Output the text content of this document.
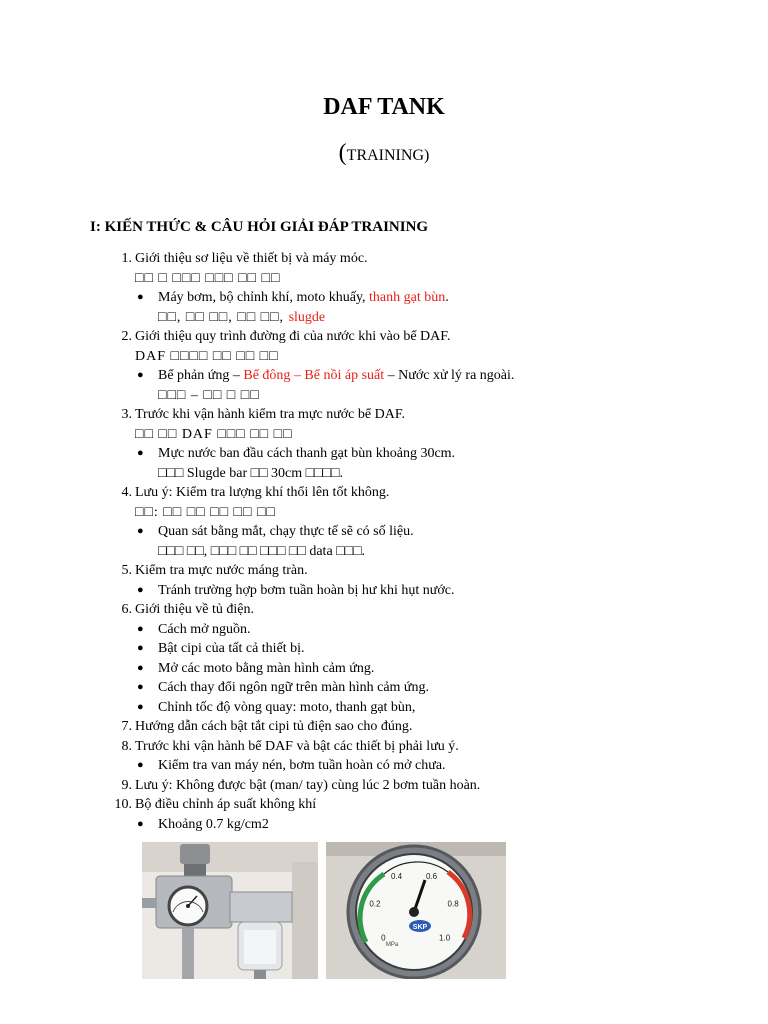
DAF TANK
(TRAINING)
I: KIẾN THỨC & CÂU HỎI GIẢI ĐÁP TRAINING
1. Giới thiệu sơ liệu về thiết bị và máy móc.
□□ □ □□□ □□□ □□ □□
● Máy bơm, bộ chỉnh khí, moto khuấy, thanh gạt bùn.
□□, □□ □□, □□ □□, slugde
2. Giới thiệu quy trình đường đi của nước khi vào bể DAF.
DAF □□□□ □□ □□ □□
● Bể phản ứng – Bể đông – Bể nồi áp suất – Nước xử lý ra ngoài.
□□□ – □□ □ □□
3. Trước khi vận hành kiểm tra mực nước bể DAF.
□□ □□ DAF □□□ □□ □□
● Mực nước ban đầu cách thanh gạt bùn khoảng 30cm.
□□□ Slugde bar □□ 30cm □□□□.
4. Lưu ý: Kiểm tra lượng khí thổi lên tốt không.
□□: □□ □□ □□ □□ □□
● Quan sát bằng mắt, chạy thực tế sẽ có số liệu.
□□□ □□, □□□ □□ □□□ □□ data □□□.
5. Kiểm tra mực nước máng tràn.
● Tránh trường hợp bơm tuần hoàn bị hư khi hụt nước.
6. Giới thiệu về tủ điện.
● Cách mở nguồn.
● Bật cipi của tất cả thiết bị.
● Mở các moto bằng màn hình cảm ứng.
● Cách thay đổi ngôn ngữ trên màn hình cảm ứng.
● Chỉnh tốc độ vòng quay: moto, thanh gạt bùn,
7. Hướng dẫn cách bật tắt cipi tủ điện sao cho đúng.
8. Trước khi vận hành bể DAF và bật các thiết bị phải lưu ý.
● Kiểm tra van máy nén, bơm tuần hoàn có mở chưa.
9. Lưu ý: Không được bật (man/ tay) cùng lúc 2 bơm tuần hoàn.
10. Bộ điều chỉnh áp suất không khí
● Khoảng 0.7 kg/cm2
0
0.2
0.4	0.6
0.8
1.0
SKP
MPa
